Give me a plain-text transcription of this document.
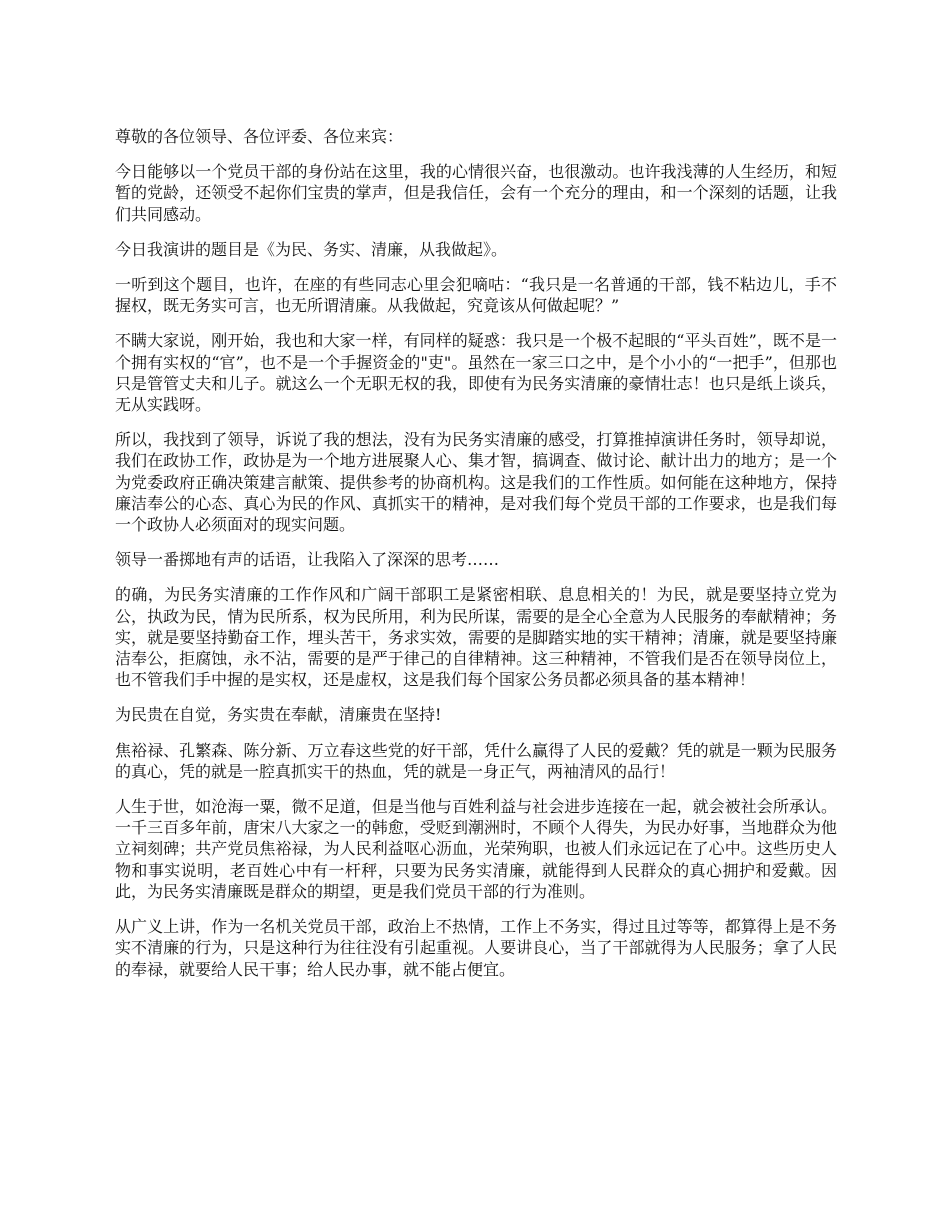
尊敬的各位领导、各位评委、各位来宾：

今日能够以一个党员干部的身份站在这里，我的心情很兴奋，也很激动。也许我浅薄的人生经历，和短暂的党龄，还领受不起你们宝贵的掌声，但是我信任，会有一个充分的理由，和一个深刻的话题，让我们共同感动。

今日我演讲的题目是《为民、务实、清廉，从我做起》。

一听到这个题目，也许，在座的有些同志心里会犯嘀咕：“我只是一名普通的干部，钱不粘边儿，手不握权，既无务实可言，也无所谓清廉。从我做起，究竟该从何做起呢？”

不瞒大家说，刚开始，我也和大家一样，有同样的疑惑：我只是一个极不起眼的“平头百姓”，既不是一个拥有实权的“官”，也不是一个手握资金的"吏"。虽然在一家三口之中，是个小小的“一把手”，但那也只是管管丈夫和儿子。就这么一个无职无权的我，即使有为民务实清廉的豪情壮志！也只是纸上谈兵，无从实践呀。

所以，我找到了领导，诉说了我的想法，没有为民务实清廉的感受，打算推掉演讲任务时，领导却说，我们在政协工作，政协是为一个地方进展聚人心、集才智，搞调查、做讨论、献计出力的地方；是一个为党委政府正确决策建言献策、提供参考的协商机构。这是我们的工作性质。如何能在这种地方，保持廉洁奉公的心态、真心为民的作风、真抓实干的精神，是对我们每个党员干部的工作要求，也是我们每一个政协人必须面对的现实问题。

领导一番掷地有声的话语，让我陷入了深深的思考……

的确，为民务实清廉的工作作风和广阔干部职工是紧密相联、息息相关的！为民，就是要坚持立党为公，执政为民，情为民所系，权为民所用，利为民所谋，需要的是全心全意为人民服务的奉献精神；务实，就是要坚持勤奋工作，埋头苦干，务求实效，需要的是脚踏实地的实干精神；清廉，就是要坚持廉洁奉公，拒腐蚀，永不沾，需要的是严于律己的自律精神。这三种精神，不管我们是否在领导岗位上，也不管我们手中握的是实权，还是虚权，这是我们每个国家公务员都必须具备的基本精神！

为民贵在自觉，务实贵在奉献，清廉贵在坚持!

焦裕禄、孔繁森、陈分新、万立春这些党的好干部，凭什么赢得了人民的爱戴？凭的就是一颗为民服务的真心，凭的就是一腔真抓实干的热血，凭的就是一身正气，两袖清风的品行！

人生于世，如沧海一粟，微不足道，但是当他与百姓利益与社会进步连接在一起，就会被社会所承认。一千三百多年前，唐宋八大家之一的韩愈，受贬到潮洲时，不顾个人得失，为民办好事，当地群众为他立祠刻碑；共产党员焦裕禄，为人民利益呕心沥血，光荣殉职，也被人们永远记在了心中。这些历史人物和事实说明，老百姓心中有一杆秤，只要为民务实清廉，就能得到人民群众的真心拥护和爱戴。因此，为民务实清廉既是群众的期望，更是我们党员干部的行为准则。

从广义上讲，作为一名机关党员干部，政治上不热情，工作上不务实，得过且过等等，都算得上是不务实不清廉的行为，只是这种行为往往没有引起重视。人要讲良心，当了干部就得为人民服务；拿了人民的奉禄，就要给人民干事；给人民办事，就不能占便宜。
